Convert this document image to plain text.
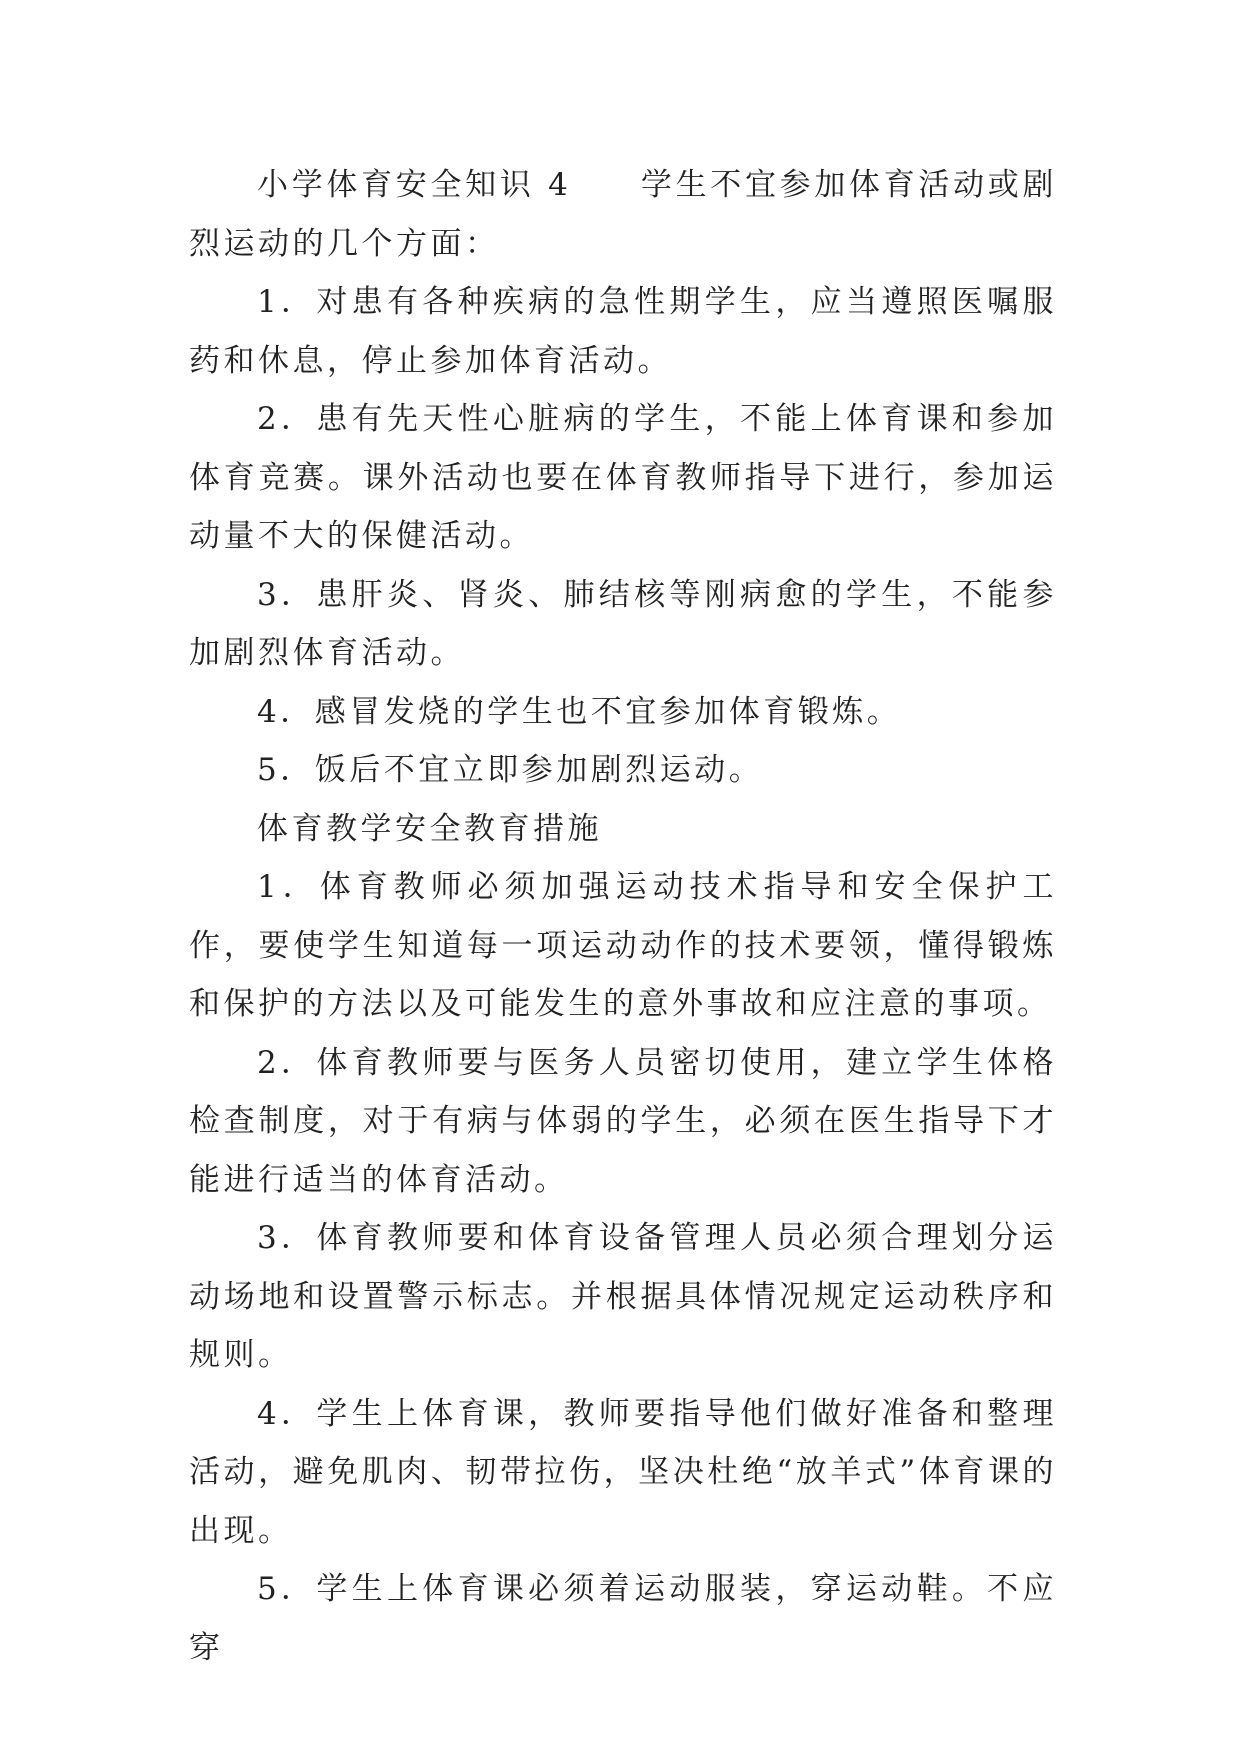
小学体育安全知识 4　　学生不宜参加体育活动或剧烈运动的几个方面：

1．对患有各种疾病的急性期学生，应当遵照医嘱服药和休息，停止参加体育活动。

2．患有先天性心脏病的学生，不能上体育课和参加体育竞赛。课外活动也要在体育教师指导下进行，参加运动量不大的保健活动。

3．患肝炎、肾炎、肺结核等刚病愈的学生，不能参加剧烈体育活动。

4．感冒发烧的学生也不宜参加体育锻炼。

5．饭后不宜立即参加剧烈运动。

体育教学安全教育措施

1．体育教师必须加强运动技术指导和安全保护工作，要使学生知道每一项运动动作的技术要领，懂得锻炼和保护的方法以及可能发生的意外事故和应注意的事项。

2．体育教师要与医务人员密切使用，建立学生体格检查制度，对于有病与体弱的学生，必须在医生指导下才能进行适当的体育活动。

3．体育教师要和体育设备管理人员必须合理划分运动场地和设置警示标志。并根据具体情况规定运动秩序和规则。

4．学生上体育课，教师要指导他们做好准备和整理活动，避免肌肉、韧带拉伤，坚决杜绝“放羊式”体育课的出现。

5．学生上体育课必须着运动服装，穿运动鞋。不应穿
